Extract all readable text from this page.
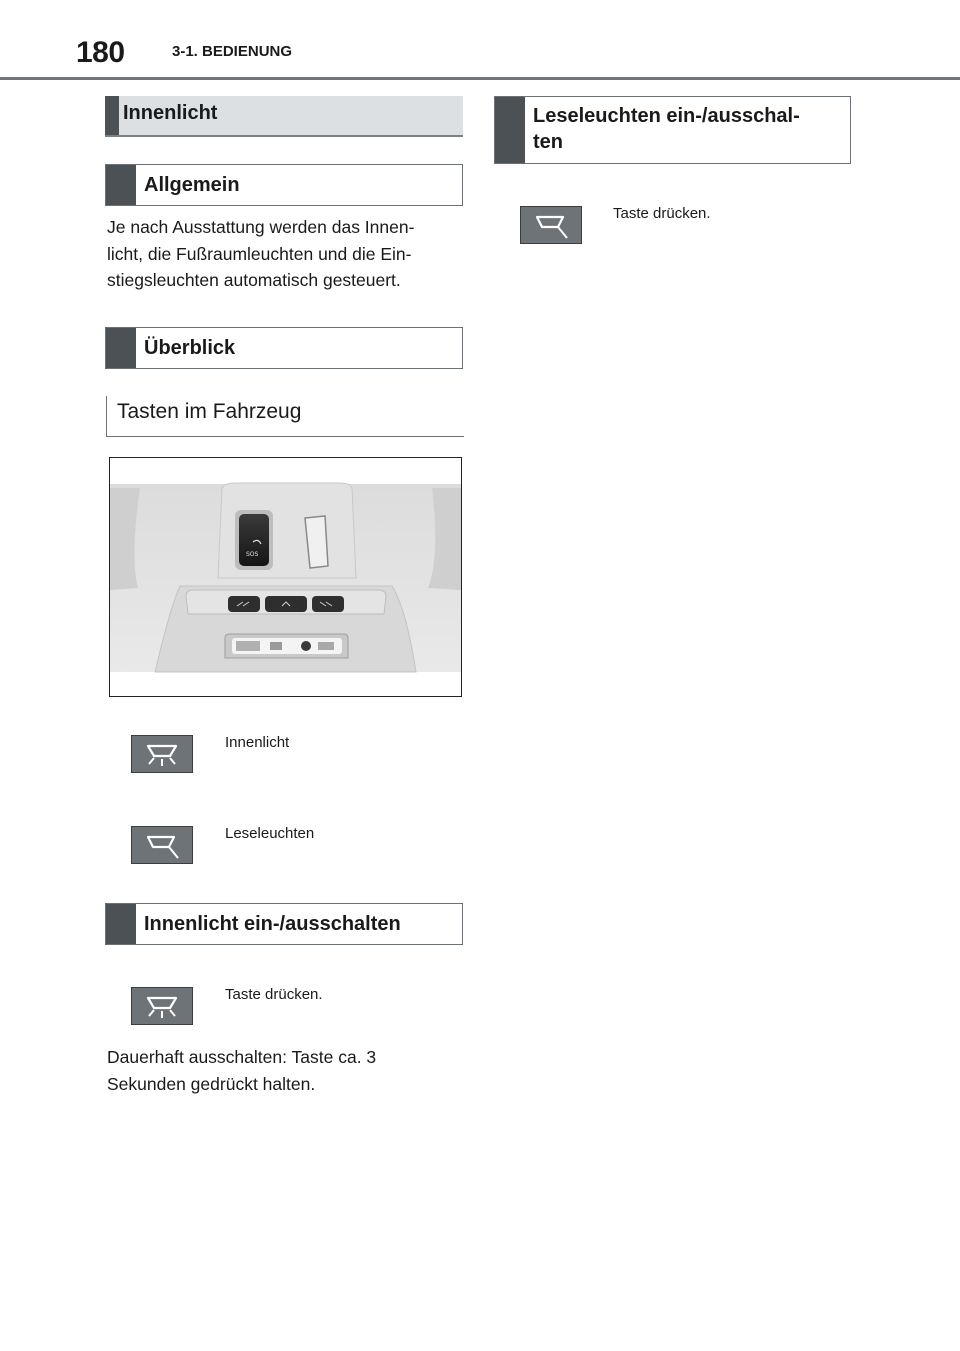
180	3-1. BEDIENUNG
Innenlicht
Allgemein
Je nach Ausstattung werden das Innen-
licht, die Fußraumleuchten und die Ein-
stiegsleuchten automatisch gesteuert.
Überblick
Tasten im Fahrzeug
SOS
Innenlicht
Leseleuchten
Innenlicht ein-/ausschalten
Taste drücken.
Dauerhaft ausschalten: Taste ca. 3
Sekunden gedrückt halten.
Leseleuchten ein-/ausschal-
ten
Taste drücken.
